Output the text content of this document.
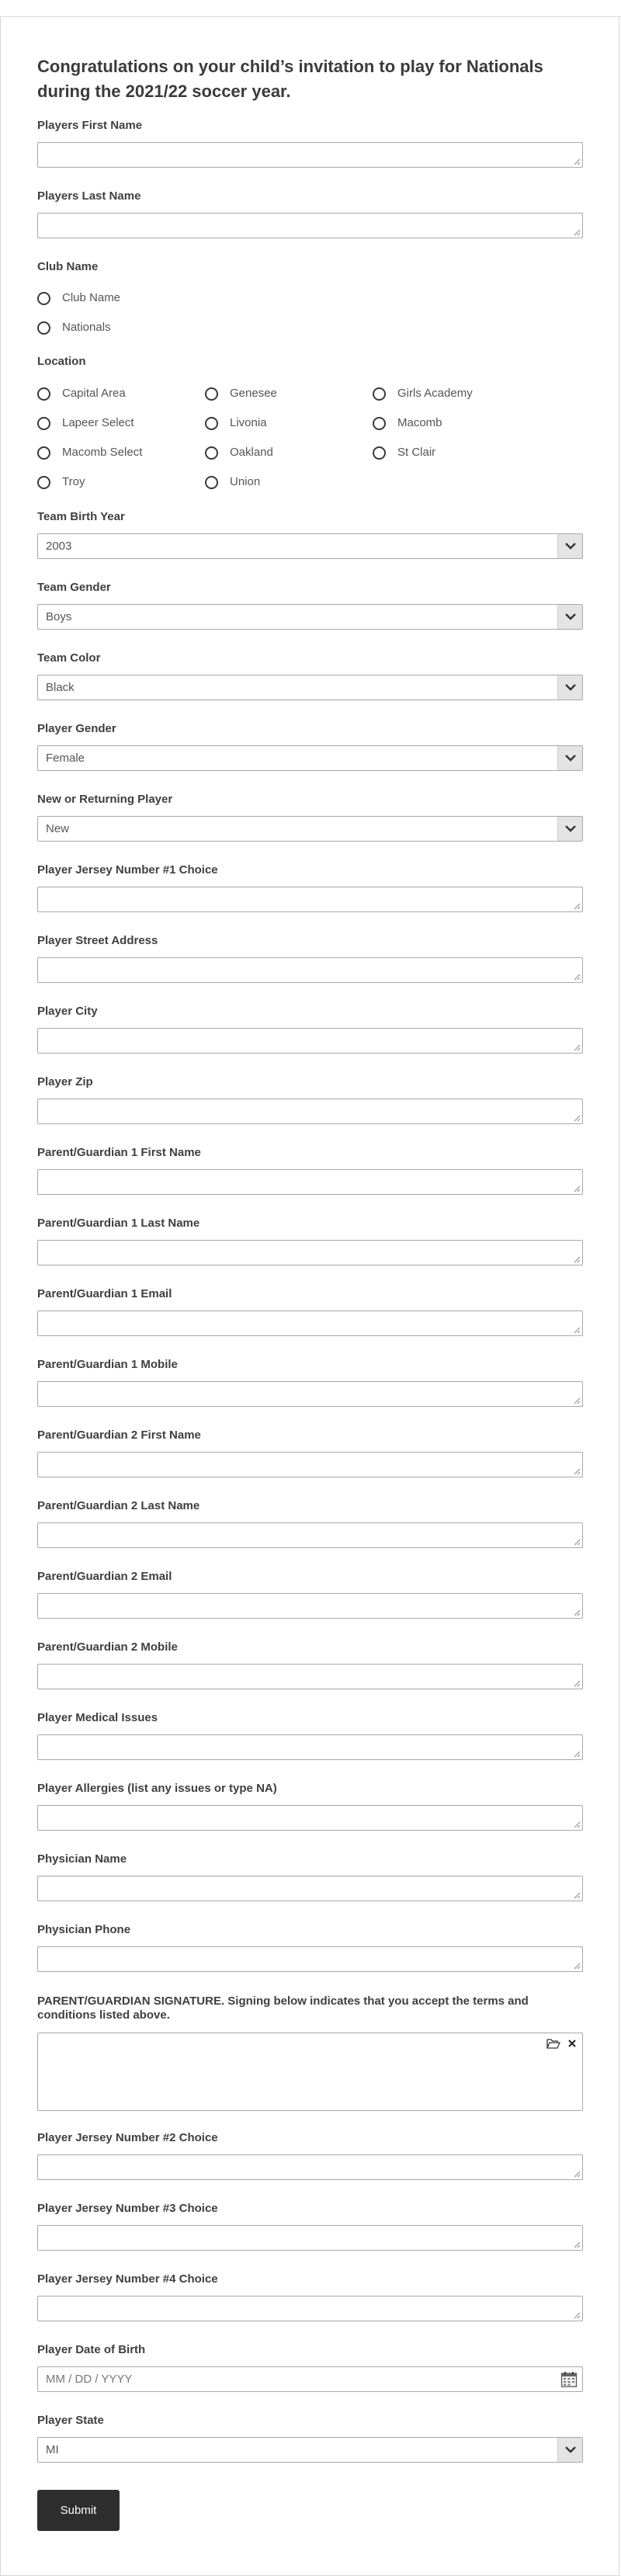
Congratulations on your child’s invitation to play for Nationals during the 2021/22 soccer year.
Players First Name
Players Last Name
Club Name
Club Name
Nationals
Location
Capital Area	Genesee	Girls Academy
Lapeer Select	Livonia	Macomb
Macomb Select	Oakland	St Clair
Troy	Union
Team Birth Year
2003
Team Gender
Boys
Team Color
Black
Player Gender
Female
New or Returning Player
New
Player Jersey Number #1 Choice
Player Street Address
Player City
Player Zip
Parent/Guardian 1 First Name
Parent/Guardian 1 Last Name
Parent/Guardian 1 Email
Parent/Guardian 1 Mobile
Parent/Guardian 2 First Name
Parent/Guardian 2 Last Name
Parent/Guardian 2 Email
Parent/Guardian 2 Mobile
Player Medical Issues
Player Allergies (list any issues or type NA)
Physician Name
Physician Phone
PARENT/GUARDIAN SIGNATURE. Signing below indicates that you accept the terms and
conditions listed above.
Player Jersey Number #2 Choice
Player Jersey Number #3 Choice
Player Jersey Number #4 Choice
Player Date of Birth
MM / DD / YYYY
Player State
MI
Submit
